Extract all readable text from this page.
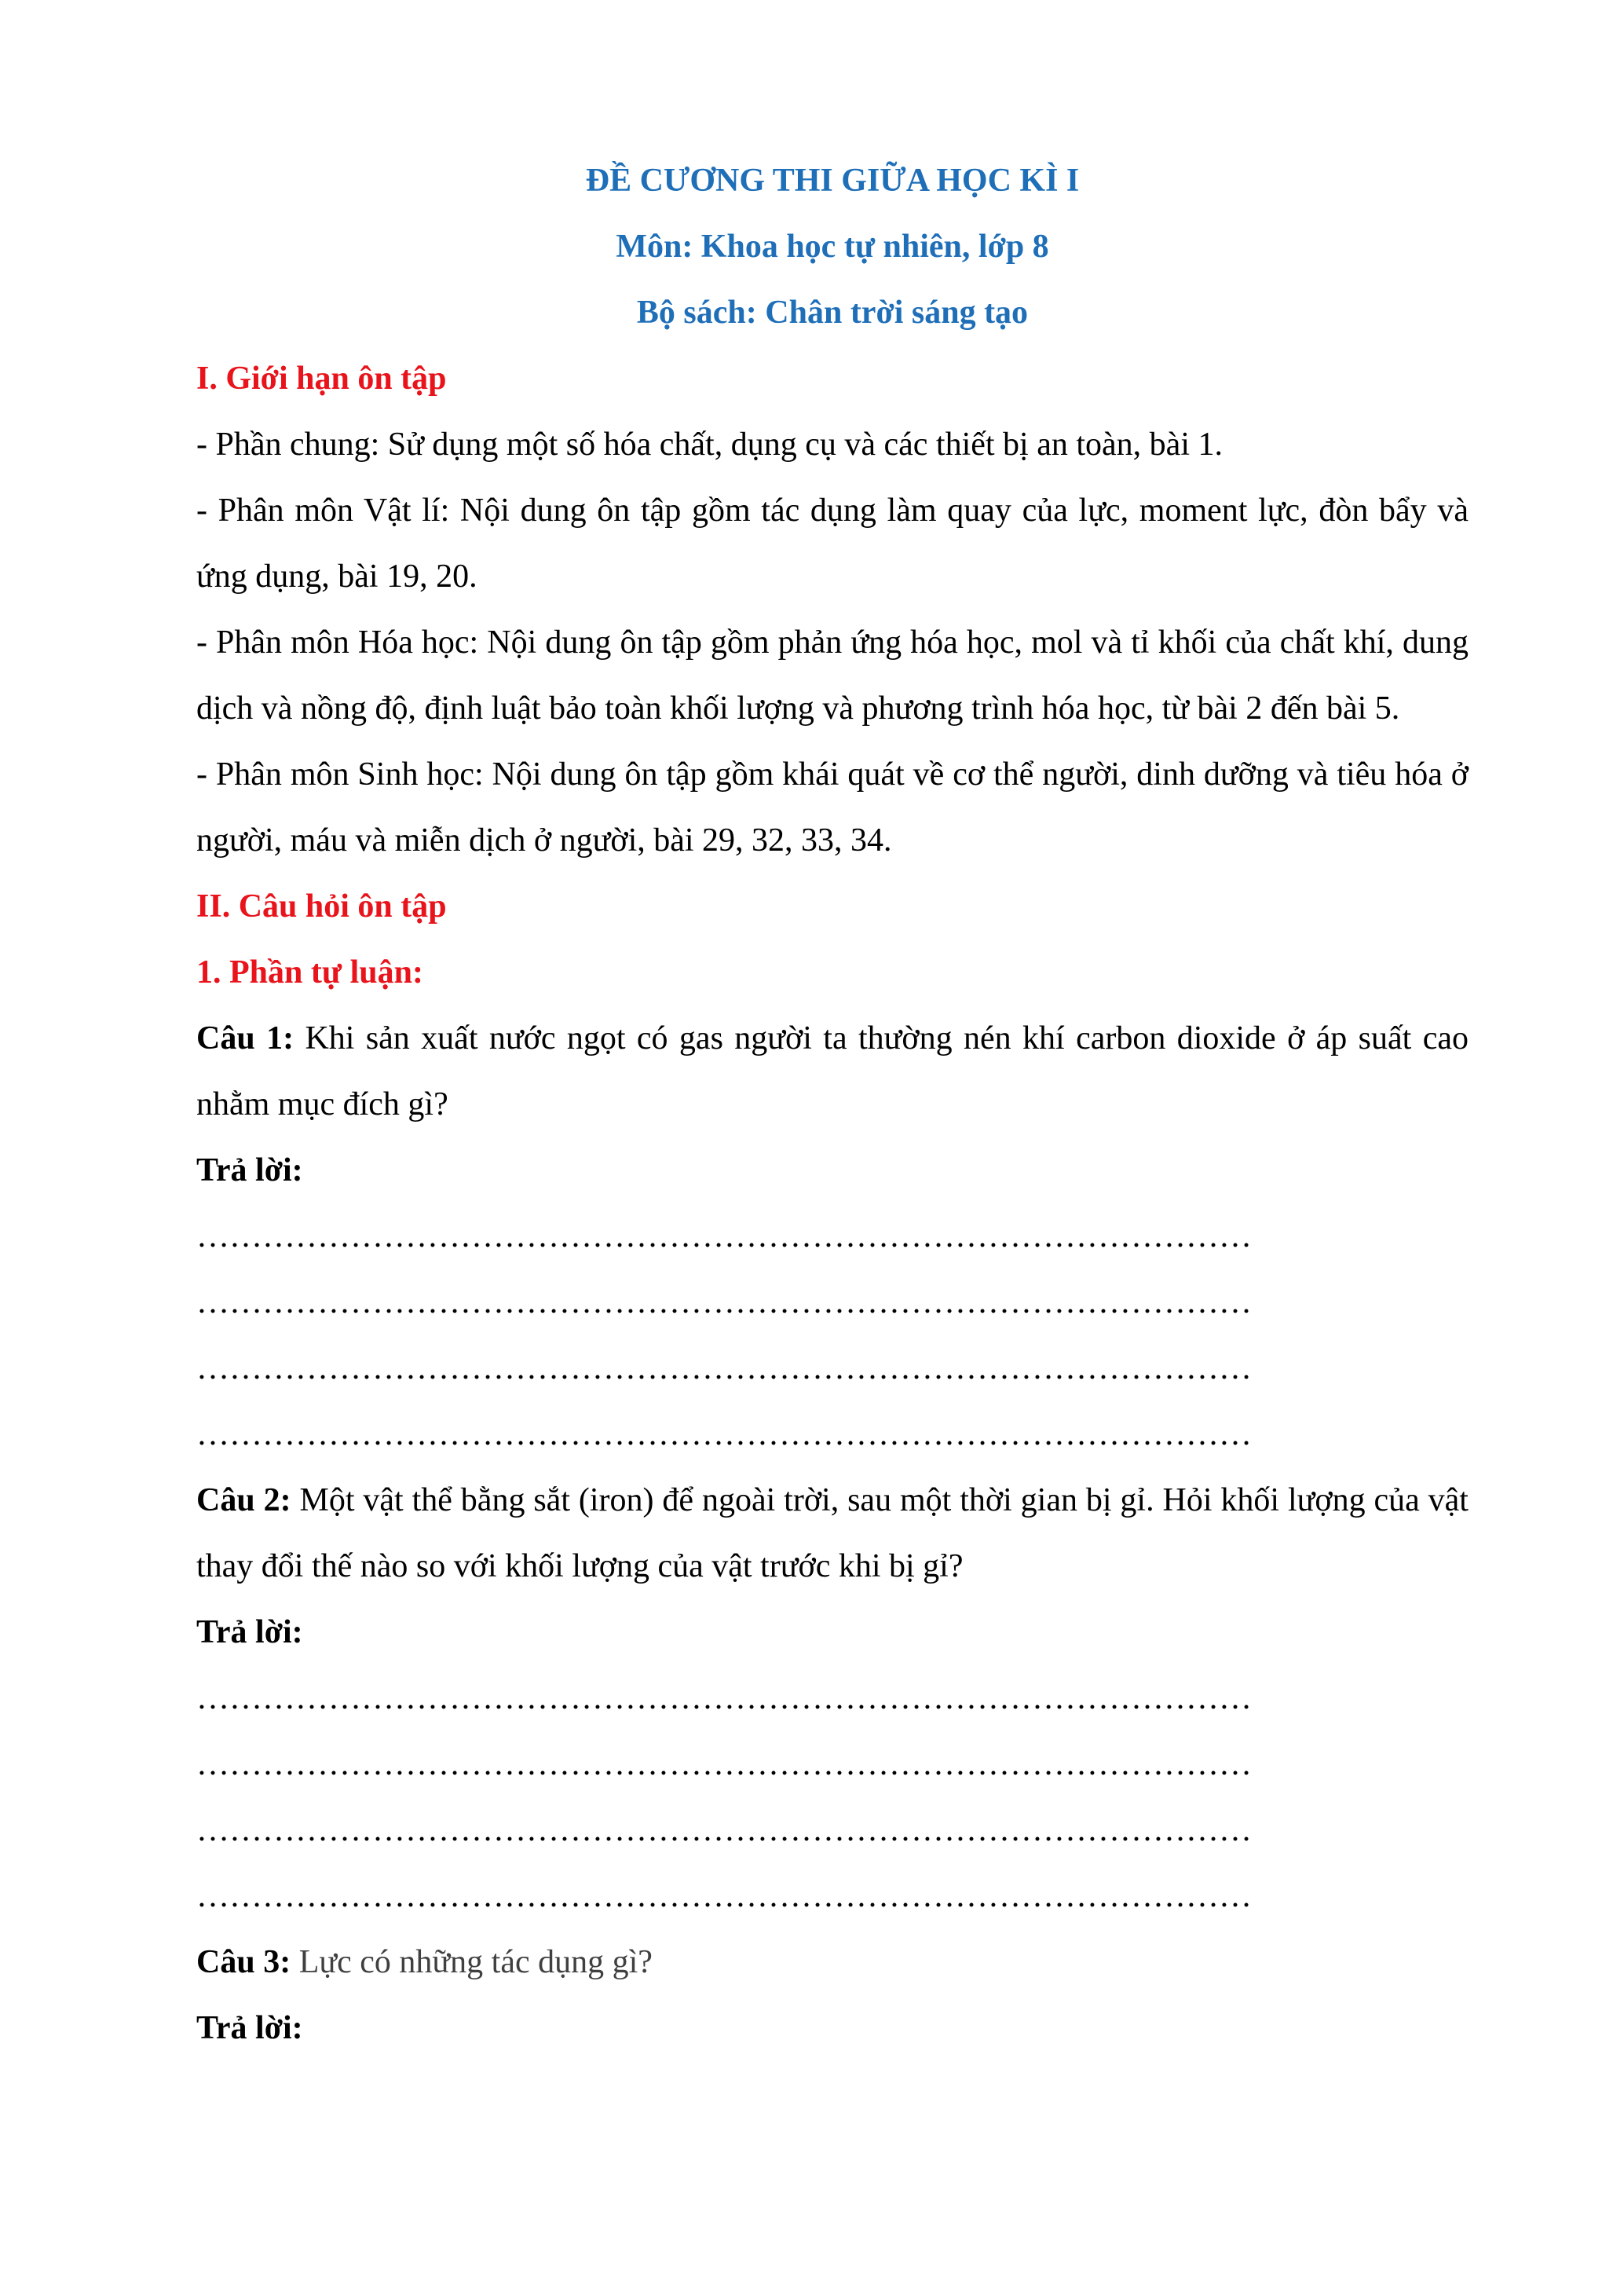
ĐỀ CƯƠNG THI GIỮA HỌC KÌ I

Môn: Khoa học tự nhiên, lớp 8

Bộ sách: Chân trời sáng tạo

I. Giới hạn ôn tập

- Phần chung: Sử dụng một số hóa chất, dụng cụ và các thiết bị an toàn, bài 1.

- Phân môn Vật lí: Nội dung ôn tập gồm tác dụng làm quay của lực, moment lực, đòn bẩy và ứng dụng, bài 19, 20.

- Phân môn Hóa học: Nội dung ôn tập gồm phản ứng hóa học, mol và tỉ khối của chất khí, dung dịch và nồng độ, định luật bảo toàn khối lượng và phương trình hóa học, từ bài 2 đến bài 5.

- Phân môn Sinh học: Nội dung ôn tập gồm khái quát về cơ thể người, dinh dưỡng và tiêu hóa ở người, máu và miễn dịch ở người, bài 29, 32, 33, 34.

II. Câu hỏi ôn tập

1. Phần tự luận:

Câu 1: Khi sản xuất nước ngọt có gas người ta thường nén khí carbon dioxide ở áp suất cao nhằm mục đích gì?

Trả lời:

……………………………………………………………………………………

……………………………………………………………………………………

……………………………………………………………………………………

……………………………………………………………………………………

Câu 2: Một vật thể bằng sắt (iron) để ngoài trời, sau một thời gian bị gỉ. Hỏi khối lượng của vật thay đổi thế nào so với khối lượng của vật trước khi bị gỉ?

Trả lời:

……………………………………………………………………………………

……………………………………………………………………………………

……………………………………………………………………………………

……………………………………………………………………………………

Câu 3: Lực có những tác dụng gì?

Trả lời:
